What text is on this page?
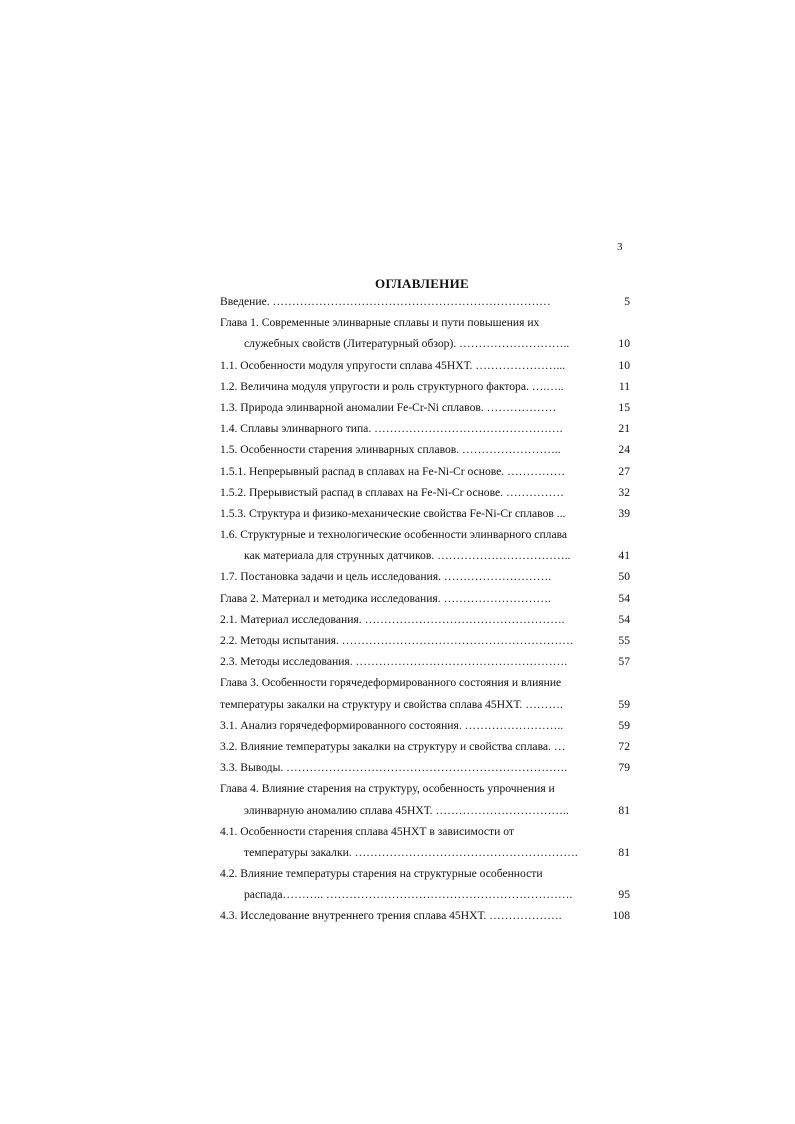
3
ОГЛАВЛЕНИЕ
Введение. ………………………………………………………………	5
Глава 1. Современные элинварные сплавы и пути повышения их
служебных свойств (Литературный обзор). ………………………..	10
1.1. Особенности модуля упругости сплава 45НХТ. …………………...	10
1.2. Величина модуля упругости и роль структурного фактора. ….…..	11
1.3. Природа элинварной аномалии Fe-Cr-Ni сплавов. ………………	15
1.4. Сплавы элинварного типа. ………………………………………….	21
1.5. Особенности старения элинварных сплавов. ……………………..	24
1.5.1. Непрерывный распад в сплавах на Fe-Ni-Cr основе. ……………	27
1.5.2. Прерывистый распад в сплавах на Fe-Ni-Cr основе. ……………	32
1.5.3. Структура и физико-механические свойства Fe-Ni-Cr сплавов ...	39
1.6. Структурные и технологические особенности элинварного сплава
как материала для струнных датчиков. ……………………………..	41
1.7. Постановка задачи и цель исследования. ……………………….	50
Глава 2. Материал и методика исследования. ……………………….	54
2.1. Материал исследования. …………………………………………….	54
2.2. Методы испытания. ……………………………………………………	55
2.3. Методы исследования. ……………………………………………….	57
Глава 3. Особенности горячедеформированного состояния и влияние
температуры закалки на структуру и свойства сплава 45НХТ. ……….	59
3.1. Анализ горячедеформированного состояния. ……………………..	59
3.2. Влияние температуры закалки на структуру и свойства сплава. …	72
3.3. Выводы. ……………………………………………………………….	79
Глава 4. Влияние старения на структуру, особенность упрочнения и
элинварную аномалию сплава 45НХТ. ……………………………..	81
4.1. Особенности старения сплава 45НХТ в зависимости от
температуры закалки. ………………………………………………….	81
4.2. Влияние температуры старения на структурные особенности
распада……….. ……………………………………………………….	95
4.3. Исследование внутреннего трения сплава 45НХТ. ……………….	108
